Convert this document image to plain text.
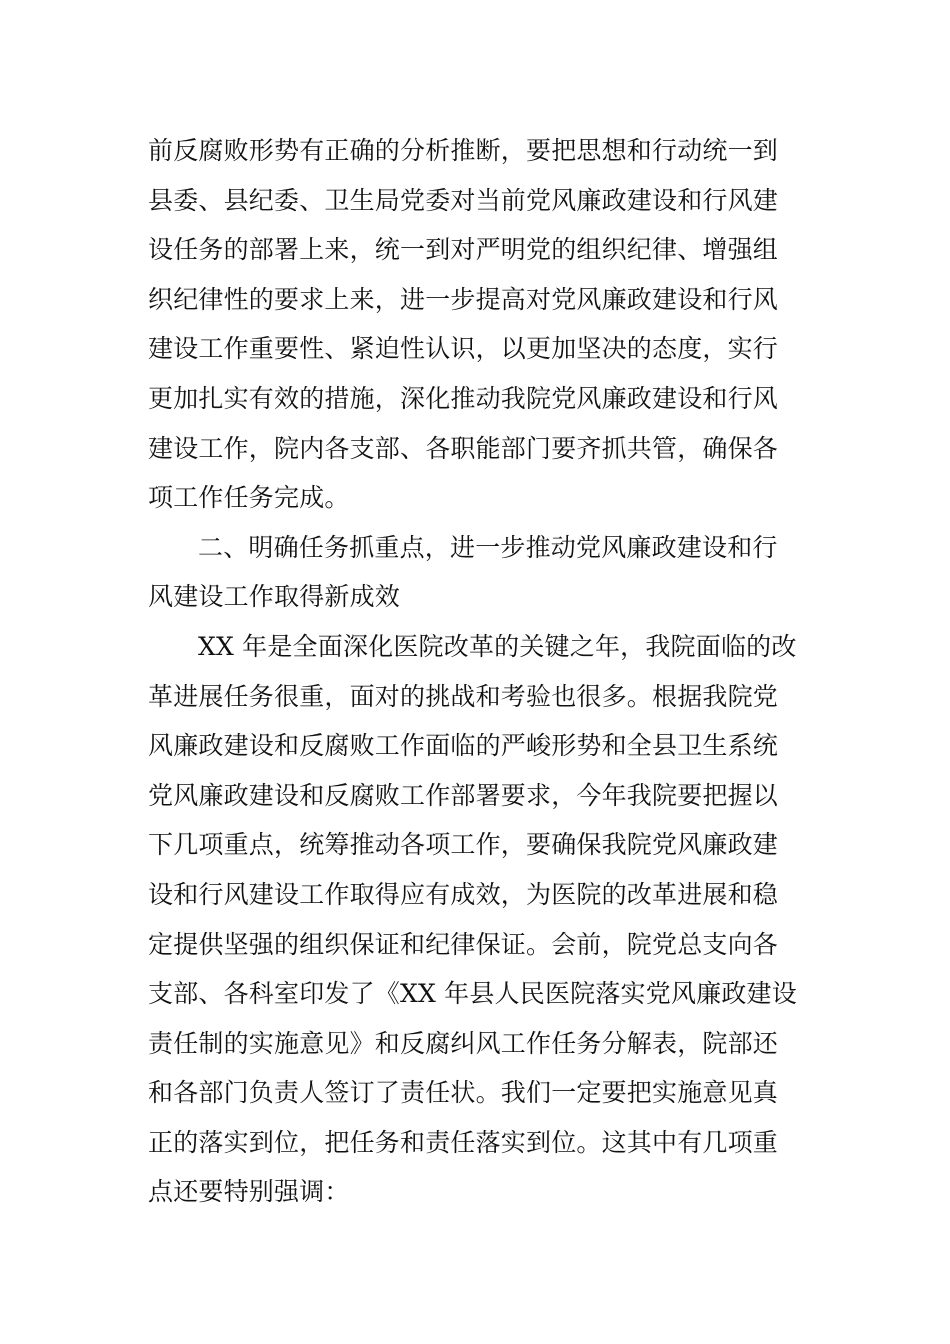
前反腐败形势有正确的分析推断，要把思想和行动统一到
县委、县纪委、卫生局党委对当前党风廉政建设和行风建
设任务的部署上来，统一到对严明党的组织纪律、增强组
织纪律性的要求上来，进一步提高对党风廉政建设和行风
建设工作重要性、紧迫性认识，以更加坚决的态度，实行
更加扎实有效的措施，深化推动我院党风廉政建设和行风
建设工作，院内各支部、各职能部门要齐抓共管，确保各
项工作任务完成。
二、明确任务抓重点，进一步推动党风廉政建设和行
风建设工作取得新成效
XX 年是全面深化医院改革的关键之年，我院面临的改
革进展任务很重，面对的挑战和考验也很多。根据我院党
风廉政建设和反腐败工作面临的严峻形势和全县卫生系统
党风廉政建设和反腐败工作部署要求，今年我院要把握以
下几项重点，统筹推动各项工作，要确保我院党风廉政建
设和行风建设工作取得应有成效，为医院的改革进展和稳
定提供坚强的组织保证和纪律保证。会前，院党总支向各
支部、各科室印发了《XX 年县人民医院落实党风廉政建设
责任制的实施意见》和反腐纠风工作任务分解表，院部还
和各部门负责人签订了责任状。我们一定要把实施意见真
正的落实到位，把任务和责任落实到位。这其中有几项重
点还要特别强调：
